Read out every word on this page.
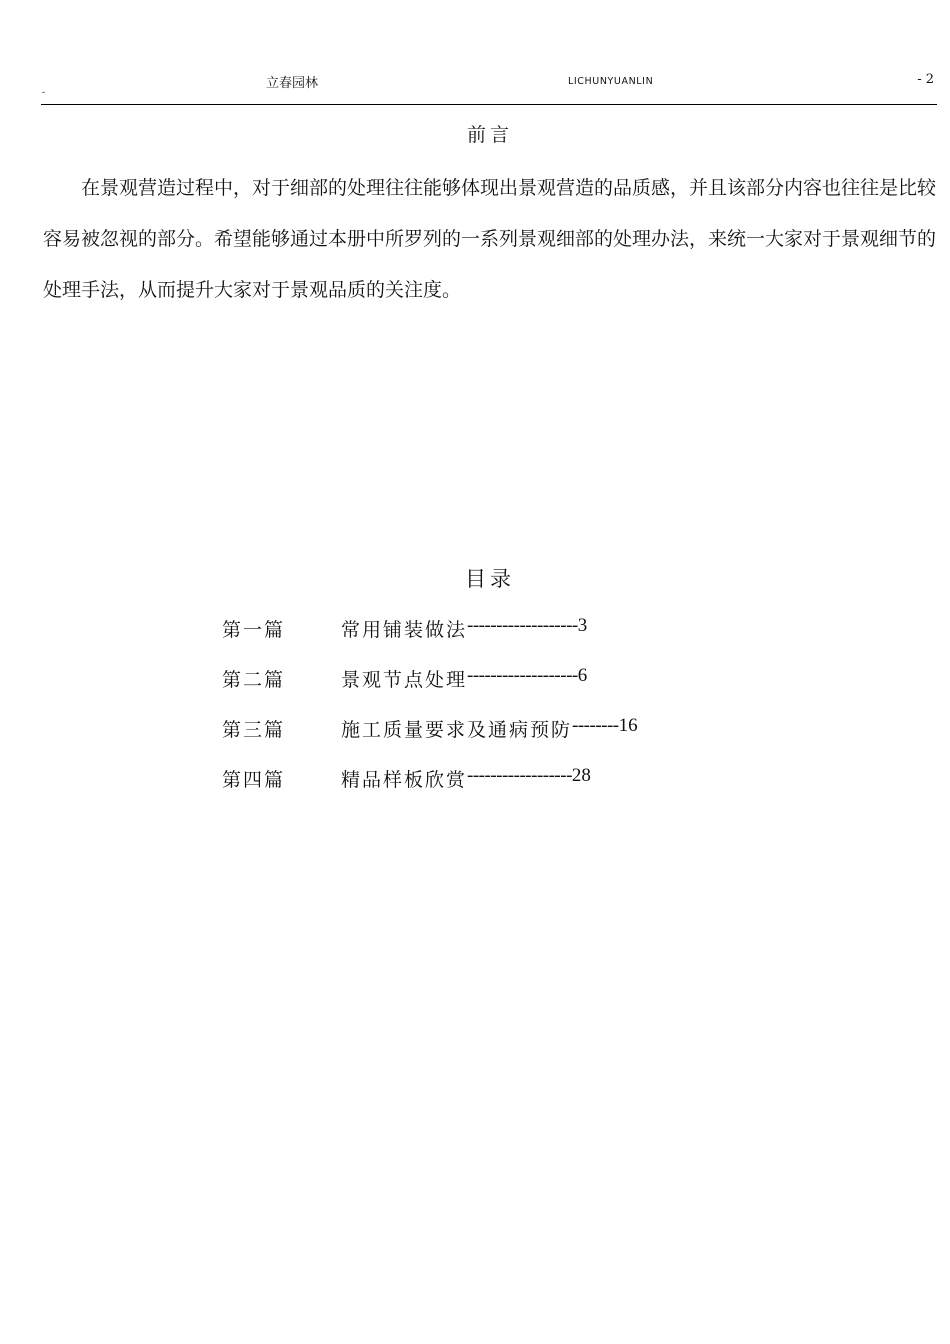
立春园林	LICHUNYUANLIN	- 2
-
前言

在景观营造过程中，对于细部的处理往往能够体现出景观营造的品质感，并且该部分内容也往往是比较容易被忽视的部分。希望能够通过本册中所罗列的一系列景观细部的处理办法，来统一大家对于景观细节的处理手法，从而提升大家对于景观品质的关注度。

目录
第一篇	常用铺装做法 ------------------- 3
第二篇	景观节点处理 ------------------- 6
第三篇	施工质量要求及通病预防 -------- 16
第四篇	精品样板欣赏 ------------------ 28
